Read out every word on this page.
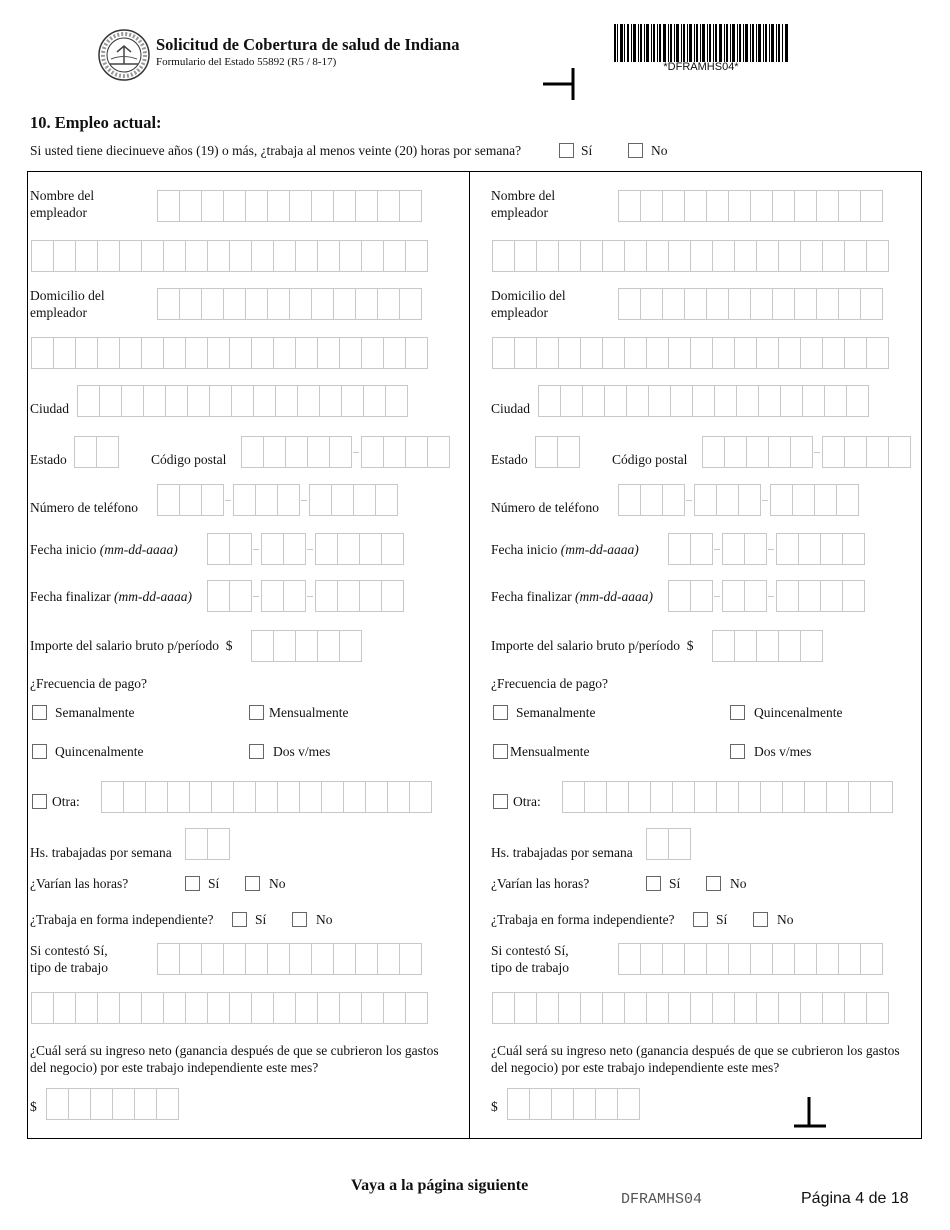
Solicitud de Cobertura de salud de Indiana
Formulario del Estado 55892 (R5 / 8-17)	*DFRAMHS04*
10. Empleo actual:
Si usted tiene diecinueve años (19) o más, ¿trabaja al menos veinte (20) horas por semana?	Sí	No
Nombre del
empleador
Domicilio del
empleador
Ciudad
Estado	Código postal
Número de teléfono
Fecha inicio (mm-dd-aaaa)
Fecha finalizar (mm-dd-aaaa)
Importe del salario bruto p/período  $
¿Frecuencia de pago?
Semanalmente	Mensualmente
Quincenalmente	Dos v/mes
Otra:
Hs. trabajadas por semana
¿Varían las horas?	Sí	No
¿Trabaja en forma independiente?	Sí	No
Si contestó Sí,
tipo de trabajo
¿Cuál será su ingreso neto (ganancia después de que se cubrieron los gastos
del negocio) por este trabajo independiente este mes?
$
Nombre del
empleador
Domicilio del
empleador
Ciudad
Estado	Código postal
Número de teléfono
Fecha inicio (mm-dd-aaaa)
Fecha finalizar (mm-dd-aaaa)
Importe del salario bruto p/período  $
¿Frecuencia de pago?
Semanalmente	Quincenalmente
Mensualmente	Dos v/mes
Otra:
Hs. trabajadas por semana
¿Varían las horas?	Sí	No
¿Trabaja en forma independiente?	Sí	No
Si contestó Sí,
tipo de trabajo
¿Cuál será su ingreso neto (ganancia después de que se cubrieron los gastos
del negocio) por este trabajo independiente este mes?
$
Vaya a la página siguiente
DFRAMHS04	Página 4 de 18
